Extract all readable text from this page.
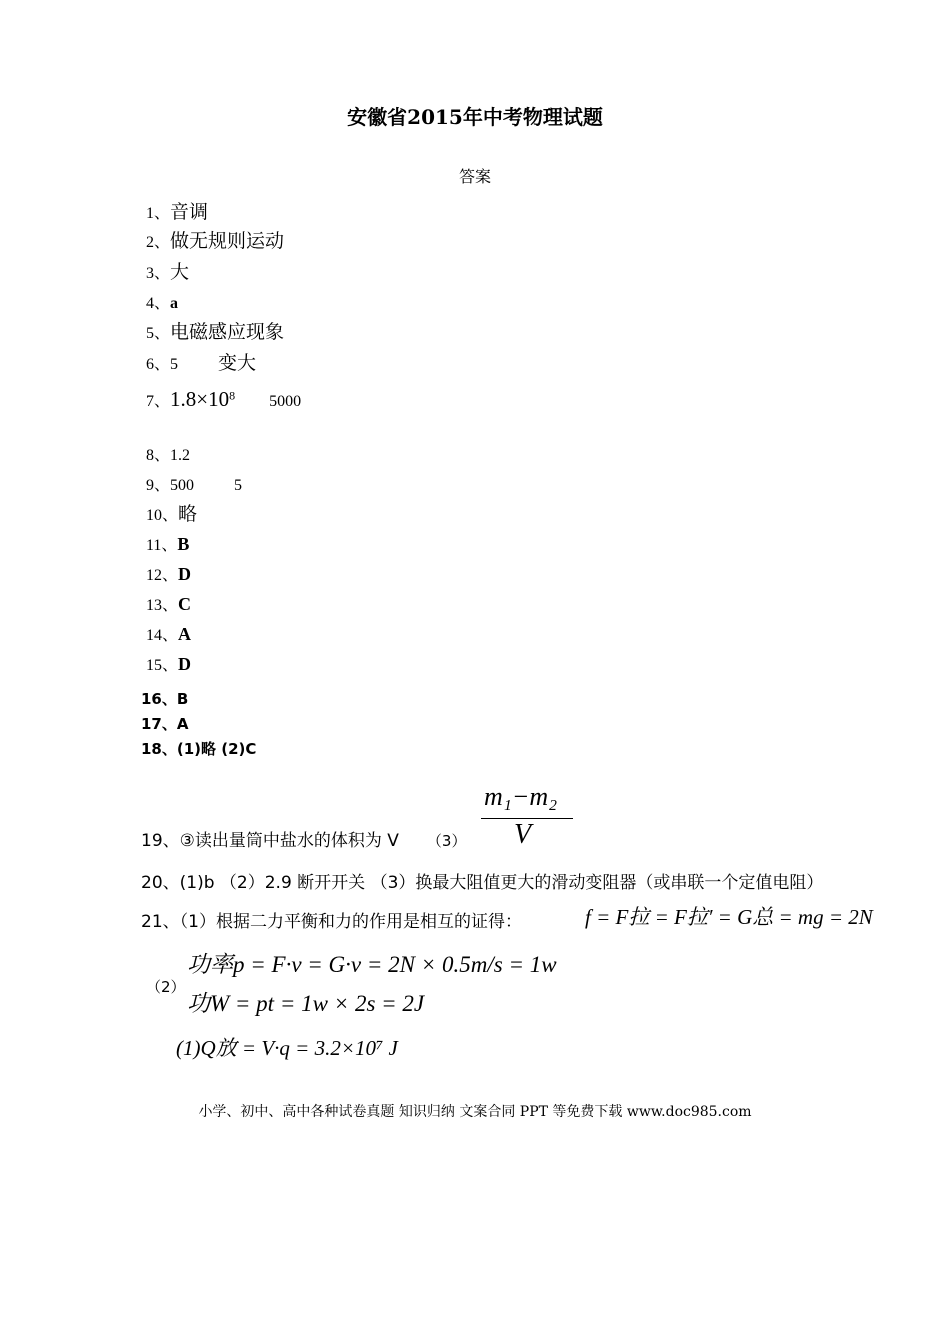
安徽省2015年中考物理试题
答案
1、音调
2、做无规则运动
3、大
4、a
5、电磁感应现象
6、5 变大
7、$1.8\times 10^8$ 5000
8、1.2
9、500	5
10、略
11、B
12、D
13、C
14、A
15、D
16、B
17、A
18、(1)略 (2)C
19、③读出量筒中盐水的体积为 V （3）
m₁−m₂
V
20、(1)b （2）2.9 断开开关 （3）换最大阻值更大的滑动变阻器（或串联一个定值电阻）
21、（1）根据二力平衡和力的作用是相互的证得：	f = F拉 = F拉′ = G总 = mg = 2N
（2）
功率p = F·v = G·v = 2N × 0.5m/s = 1w
功W = pt = 1w × 2s = 2J
(1)Q放 = V·q = 3.2×10⁷ J
小学、初中、高中各种试卷真题 知识归纳 文案合同 PPT 等免费下载 www.doc985.com
